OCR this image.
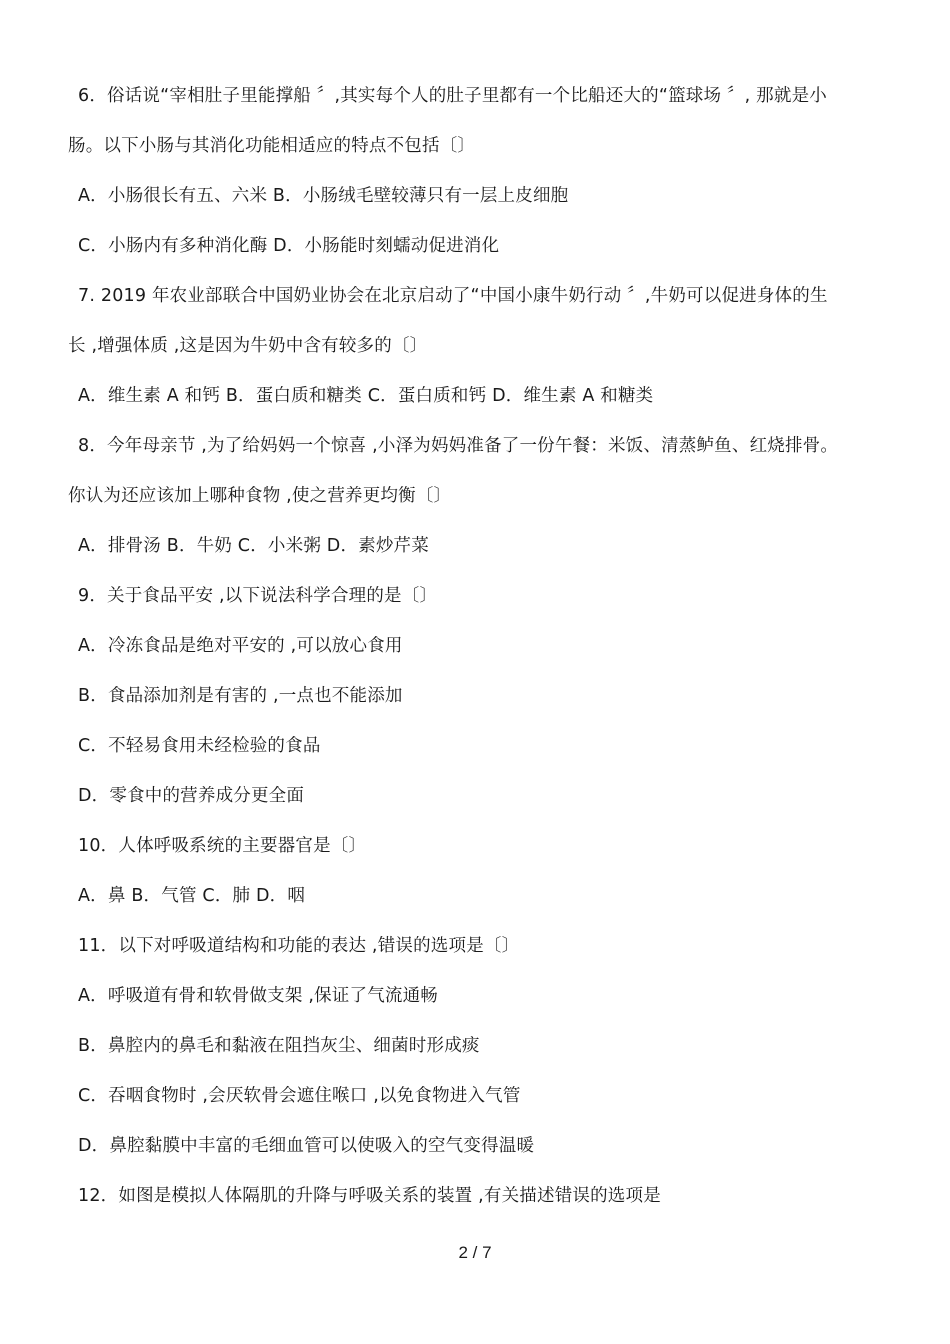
6．俗话说“宰相肚子里能撑船 〞,其实每个人的肚子里都有一个比船还大的“篮球场 〞, 那就是小
肠。以下小肠与其消化功能相适应的特点不包括〔〕
A．小肠很长有五、六米 B．小肠绒毛壁较薄只有一层上皮细胞
C．小肠内有多种消化酶 D．小肠能时刻蠕动促进消化
7. 2019 年农业部联合中国奶业协会在北京启动了“中国小康牛奶行动 〞,牛奶可以促进身体的生
长 ,增强体质 ,这是因为牛奶中含有较多的〔〕
A．维生素 A 和钙 B．蛋白质和糖类 C．蛋白质和钙 D．维生素 A 和糖类
8．今年母亲节 ,为了给妈妈一个惊喜 ,小泽为妈妈准备了一份午餐：米饭、清蒸鲈鱼、红烧排骨。
你认为还应该加上哪种食物 ,使之营养更均衡〔〕
A．排骨汤 B．牛奶 C．小米粥 D．素炒芹菜
9．关于食品平安 ,以下说法科学合理的是〔〕
A．冷冻食品是绝对平安的 ,可以放心食用
B．食品添加剂是有害的 ,一点也不能添加
C．不轻易食用未经检验的食品
D．零食中的营养成分更全面
10．人体呼吸系统的主要器官是〔〕
A．鼻 B．气管 C．肺 D．咽
11．以下对呼吸道结构和功能的表达 ,错误的选项是〔〕
A．呼吸道有骨和软骨做支架 ,保证了气流通畅
B．鼻腔内的鼻毛和黏液在阻挡灰尘、细菌时形成痰
C．吞咽食物时 ,会厌软骨会遮住喉口 ,以免食物进入气管
D．鼻腔黏膜中丰富的毛细血管可以使吸入的空气变得温暖
12．如图是模拟人体隔肌的升降与呼吸关系的装置 ,有关描述错误的选项是
2 / 7
